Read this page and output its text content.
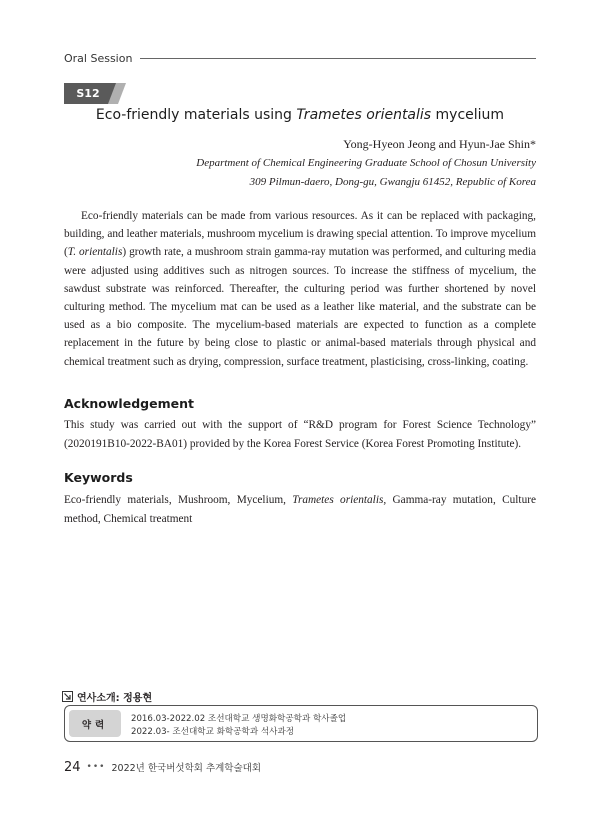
Oral Session
S12
Eco-friendly materials using Trametes orientalis mycelium
Yong-Hyeon Jeong and Hyun-Jae Shin*
Department of Chemical Engineering Graduate School of Chosun University
309 Pilmun-daero, Dong-gu, Gwangju 61452, Republic of Korea

Eco-friendly materials can be made from various resources. As it can be replaced with packaging, building, and leather materials, mushroom mycelium is drawing special attention. To improve mycelium (T. orientalis) growth rate, a mushroom strain gamma-ray mutation was performed, and culturing media were adjusted using additives such as nitrogen sources. To increase the stiffness of mycelium, the sawdust substrate was reinforced. Thereafter, the culturing period was further shortened by novel culturing method. The mycelium mat can be used as a leather like material, and the substrate can be used as a bio composite. The mycelium-based materials are expected to function as a complete replacement in the future by being close to plastic or animal-based materials through physical and chemical treatment such as drying, compression, surface treatment, plasticising, cross-linking, coating.

Acknowledgement

This study was carried out with the support of “R&D program for Forest Science Technology” (2020191B10-2022-BA01) provided by the Korea Forest Service (Korea Forest Promoting Institute).

Keywords

Eco-friendly materials, Mushroom, Mycelium, Trametes orientalis, Gamma-ray mutation, Culture method, Chemical treatment

연사소개: 정용현
약력
2016.03-2022.02 조선대학교 생명화학공학과 학사졸업
2022.03- 조선대학교 화학공학과 석사과정
24 ••• 2022년 한국버섯학회 추계학술대회
